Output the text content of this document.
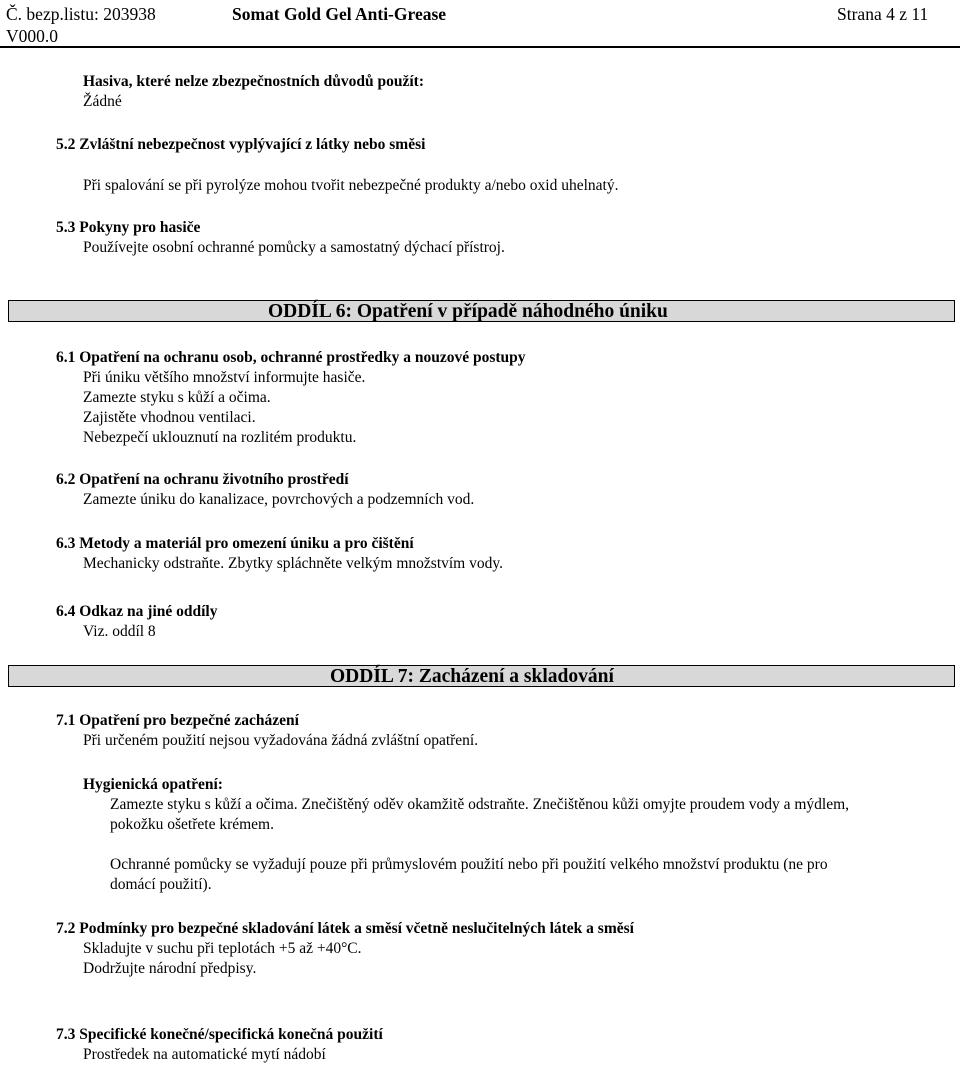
Č. bezp.listu: 203938
V000.0
Somat Gold Gel Anti-Grease	Strana 4 z 11
Hasiva, které nelze zbezpečnostních důvodů použít:
Žádné
5.2 Zvláštní nebezpečnost vyplývající z látky nebo směsi
Při spalování se při pyrolýze mohou tvořit nebezpečné produkty a/nebo oxid uhelnatý.
5.3 Pokyny pro hasiče
Používejte osobní ochranné pomůcky a samostatný dýchací přístroj.
ODDÍL 6: Opatření v případě náhodného úniku
6.1 Opatření na ochranu osob, ochranné prostředky a nouzové postupy
Při úniku většího množství informujte hasiče.
Zamezte styku s kůží a očima.
Zajistěte vhodnou ventilaci.
Nebezpečí uklouznutí na rozlitém produktu.
6.2 Opatření na ochranu životního prostředí
Zamezte úniku do kanalizace, povrchových a podzemních vod.
6.3 Metody a materiál pro omezení úniku a pro čištění
Mechanicky odstraňte. Zbytky spláchněte velkým množstvím vody.
6.4 Odkaz na jiné oddíly
Viz. oddíl 8
ODDÍL 7: Zacházení a skladování
7.1 Opatření pro bezpečné zacházení
Při určeném použití nejsou vyžadována žádná zvláštní opatření.
Hygienická opatření:
Zamezte styku s kůží a očima. Znečištěný oděv okamžitě odstraňte. Znečištěnou kůži omyjte proudem vody a mýdlem,
pokožku ošetřete krémem.
Ochranné pomůcky se vyžadují pouze při průmyslovém použití nebo při použití velkého množství produktu (ne pro
domácí použití).
7.2 Podmínky pro bezpečné skladování látek a směsí včetně neslučitelných látek a směsí
Skladujte v suchu při teplotách +5 až +40°C.
Dodržujte národní předpisy.
7.3 Specifické konečné/specifická konečná použití
Prostředek na automatické mytí nádobí
